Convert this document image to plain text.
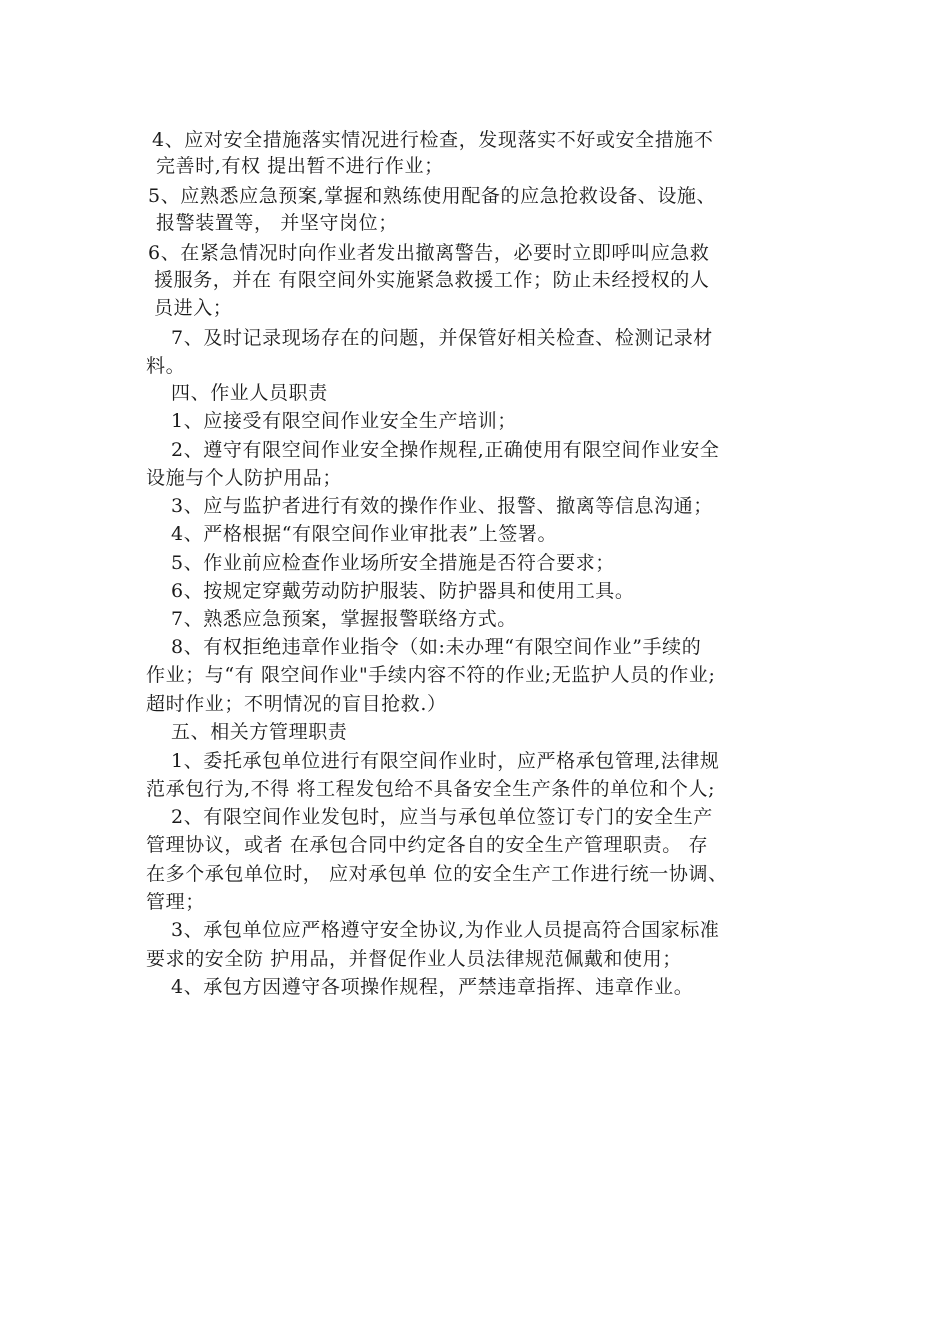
4、应对安全措施落实情况进行检查，发现落实不好或安全措施不
完善时,有权 提出暂不进行作业；
5、应熟悉应急预案,掌握和熟练使用配备的应急抢救设备、设施、
报警装置等， 并坚守岗位；
6、在紧急情况时向作业者发出撤离警告，必要时立即呼叫应急救
援服务，并在 有限空间外实施紧急救援工作；防止未经授权的人
员进入；
7、及时记录现场存在的问题，并保管好相关检查、检测记录材
料。
四、作业人员职责
1、应接受有限空间作业安全生产培训；
2、遵守有限空间作业安全操作规程,正确使用有限空间作业安全
设施与个人防护用品；
3、应与监护者进行有效的操作作业、报警、撤离等信息沟通；
4、严格根据“有限空间作业审批表”上签署。
5、作业前应检查作业场所安全措施是否符合要求；
6、按规定穿戴劳动防护服装、防护器具和使用工具。
7、熟悉应急预案，掌握报警联络方式。
8、有权拒绝违章作业指令（如:未办理“有限空间作业”手续的
作业；与“有 限空间作业"手续内容不符的作业;无监护人员的作业;
超时作业；不明情况的盲目抢救.）
五、相关方管理职责
1、委托承包单位进行有限空间作业时，应严格承包管理,法律规
范承包行为,不得 将工程发包给不具备安全生产条件的单位和个人;
2、有限空间作业发包时，应当与承包单位签订专门的安全生产
管理协议，或者 在承包合同中约定各自的安全生产管理职责。 存
在多个承包单位时， 应对承包单 位的安全生产工作进行统一协调、
管理；
3、承包单位应严格遵守安全协议,为作业人员提高符合国家标准
要求的安全防 护用品，并督促作业人员法律规范佩戴和使用；
4、承包方因遵守各项操作规程，严禁违章指挥、违章作业。
